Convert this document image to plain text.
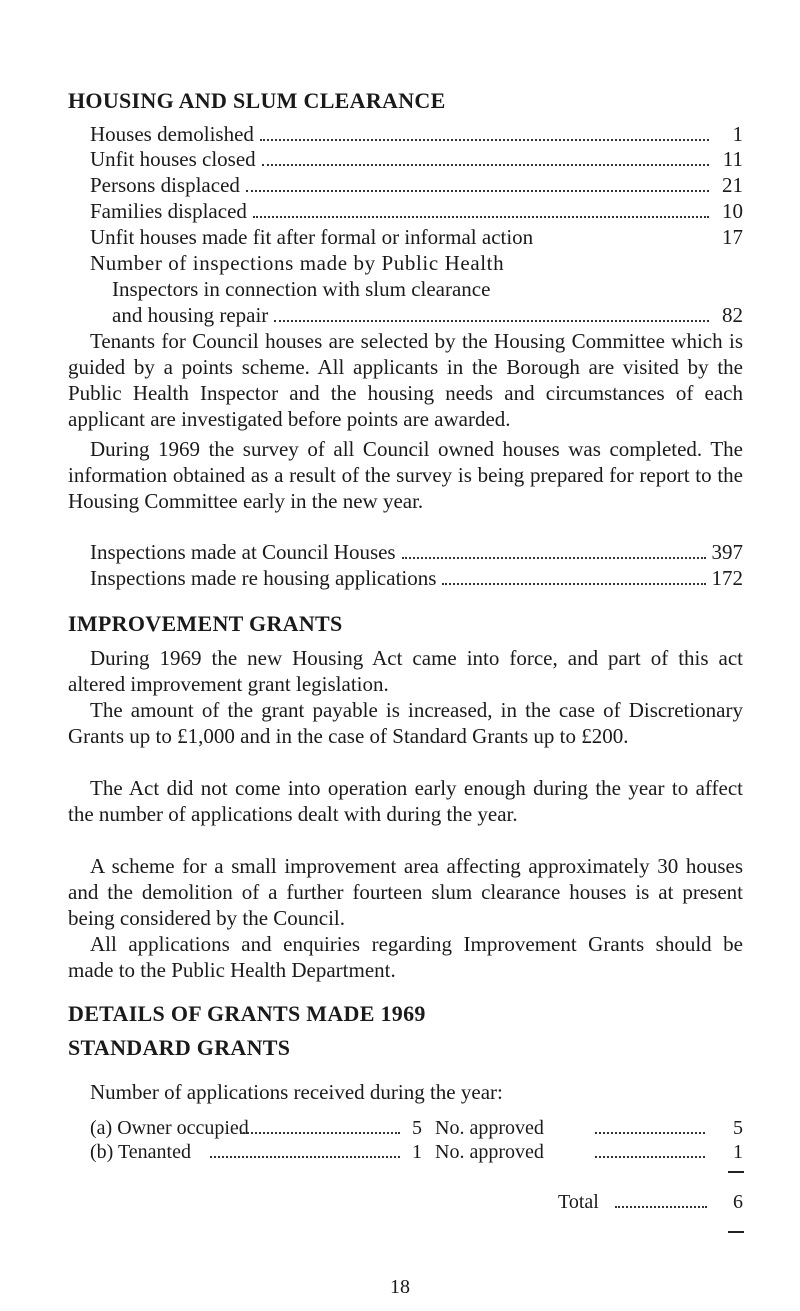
HOUSING AND SLUM CLEARANCE
Houses demolished	1
Unfit houses closed	11
Persons displaced	21
Families displaced	10
Unfit houses made fit after formal or informal action	17
Number of inspections made by Public Health
Inspectors in connection with slum clearance
and housing repair	82
Tenants for Council houses are selected by the Housing Committee which is guided by a points scheme. All applicants in the Borough are visited by the Public Health Inspector and the housing needs and circumstances of each applicant are investigated before points are awarded.
During 1969 the survey of all Council owned houses was completed. The information obtained as a result of the survey is being prepared for report to the Housing Committee early in the new year.
Inspections made at Council Houses	397
Inspections made re housing applications	172
IMPROVEMENT GRANTS
During 1969 the new Housing Act came into force, and part of this act altered improvement grant legislation.
The amount of the grant payable is increased, in the case of Discretionary Grants up to £1,000 and in the case of Standard Grants up to £200.
The Act did not come into operation early enough during the year to affect the number of applications dealt with during the year.
A scheme for a small improvement area affecting approximately 30 houses and the demolition of a further fourteen slum clearance houses is at present being considered by the Council.
All applications and enquiries regarding Improvement Grants should be made to the Public Health Department.
DETAILS OF GRANTS MADE 1969
STANDARD GRANTS
Number of applications received during the year:
(a) Owner occupied	5 No. approved	5
(b) Tenanted	1 No. approved	1
Total	6
18
